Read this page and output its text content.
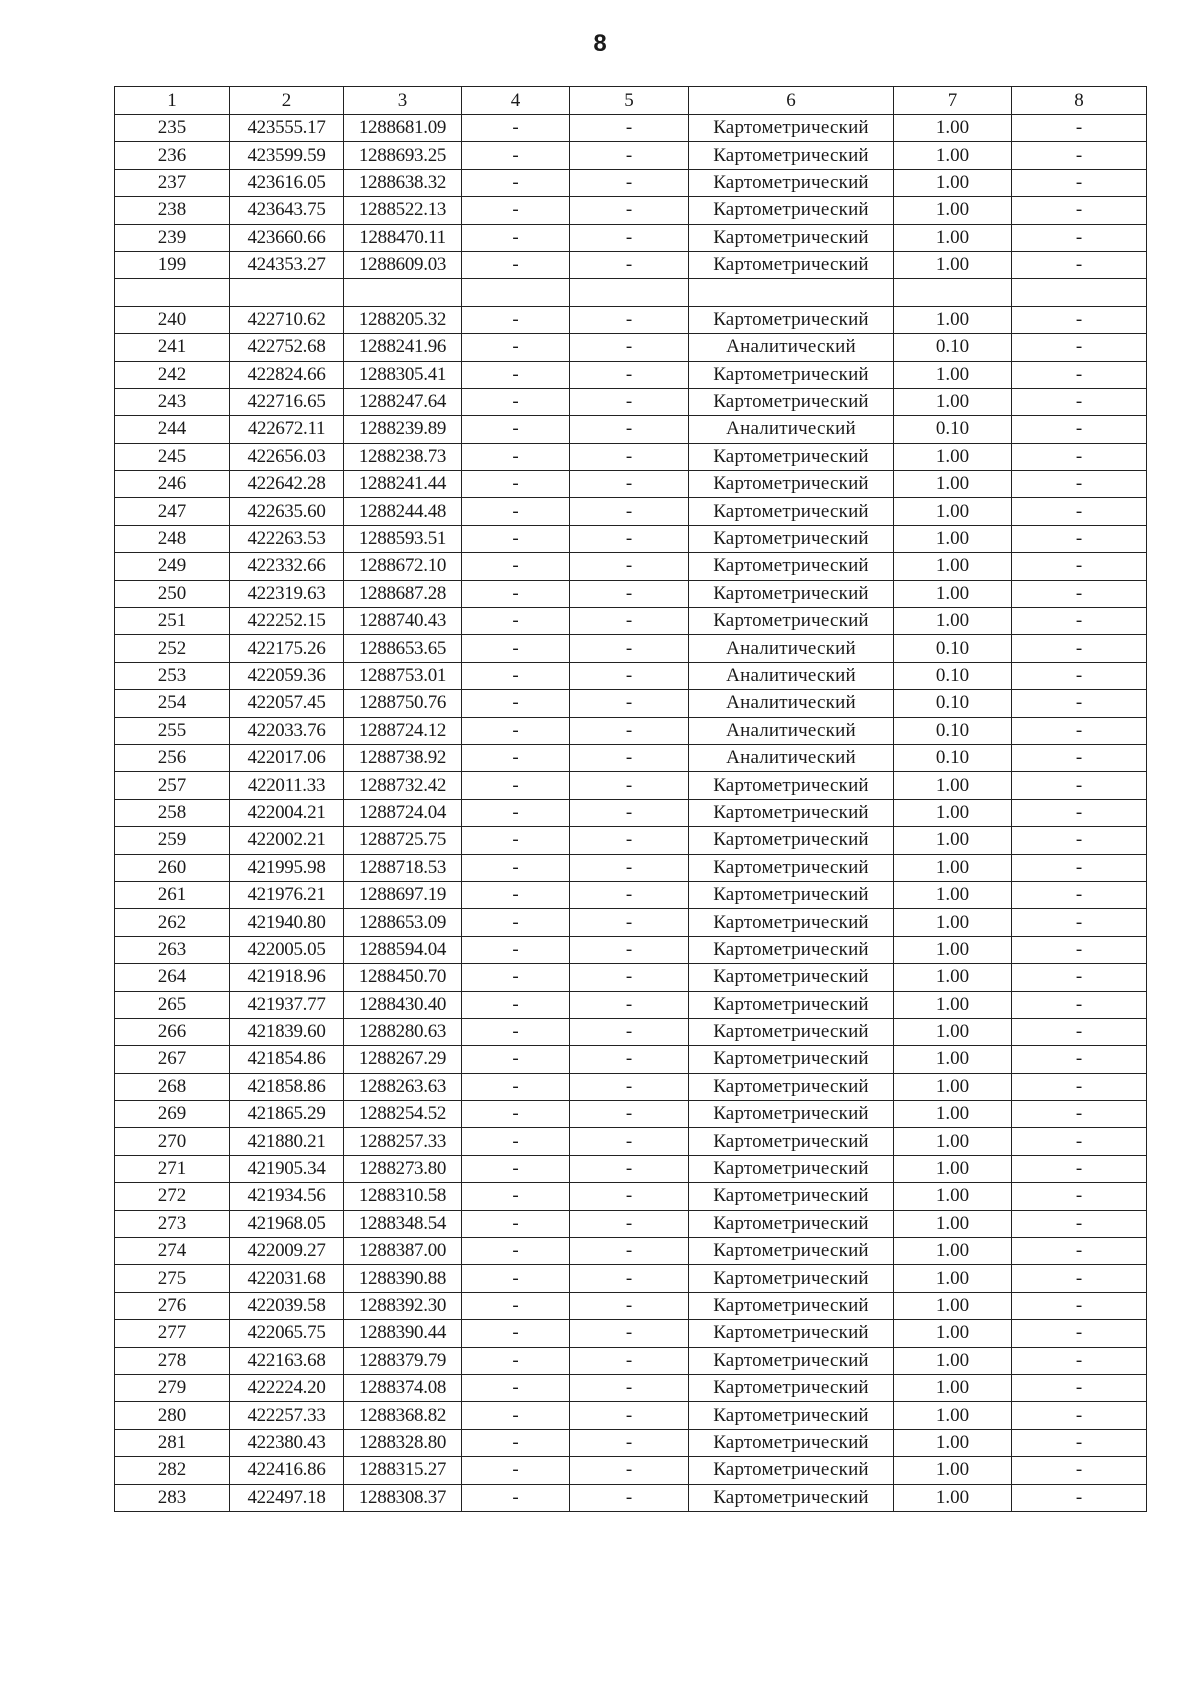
8
1	2	3	4	5	6	7	8
235	423555.17	1288681.09	-	-	Картометрический	1.00	-
236	423599.59	1288693.25	-	-	Картометрический	1.00	-
237	423616.05	1288638.32	-	-	Картометрический	1.00	-
238	423643.75	1288522.13	-	-	Картометрический	1.00	-
239	423660.66	1288470.11	-	-	Картометрический	1.00	-
199	424353.27	1288609.03	-	-	Картометрический	1.00	-

240	422710.62	1288205.32	-	-	Картометрический	1.00	-
241	422752.68	1288241.96	-	-	Аналитический	0.10	-
242	422824.66	1288305.41	-	-	Картометрический	1.00	-
243	422716.65	1288247.64	-	-	Картометрический	1.00	-
244	422672.11	1288239.89	-	-	Аналитический	0.10	-
245	422656.03	1288238.73	-	-	Картометрический	1.00	-
246	422642.28	1288241.44	-	-	Картометрический	1.00	-
247	422635.60	1288244.48	-	-	Картометрический	1.00	-
248	422263.53	1288593.51	-	-	Картометрический	1.00	-
249	422332.66	1288672.10	-	-	Картометрический	1.00	-
250	422319.63	1288687.28	-	-	Картометрический	1.00	-
251	422252.15	1288740.43	-	-	Картометрический	1.00	-
252	422175.26	1288653.65	-	-	Аналитический	0.10	-
253	422059.36	1288753.01	-	-	Аналитический	0.10	-
254	422057.45	1288750.76	-	-	Аналитический	0.10	-
255	422033.76	1288724.12	-	-	Аналитический	0.10	-
256	422017.06	1288738.92	-	-	Аналитический	0.10	-
257	422011.33	1288732.42	-	-	Картометрический	1.00	-
258	422004.21	1288724.04	-	-	Картометрический	1.00	-
259	422002.21	1288725.75	-	-	Картометрический	1.00	-
260	421995.98	1288718.53	-	-	Картометрический	1.00	-
261	421976.21	1288697.19	-	-	Картометрический	1.00	-
262	421940.80	1288653.09	-	-	Картометрический	1.00	-
263	422005.05	1288594.04	-	-	Картометрический	1.00	-
264	421918.96	1288450.70	-	-	Картометрический	1.00	-
265	421937.77	1288430.40	-	-	Картометрический	1.00	-
266	421839.60	1288280.63	-	-	Картометрический	1.00	-
267	421854.86	1288267.29	-	-	Картометрический	1.00	-
268	421858.86	1288263.63	-	-	Картометрический	1.00	-
269	421865.29	1288254.52	-	-	Картометрический	1.00	-
270	421880.21	1288257.33	-	-	Картометрический	1.00	-
271	421905.34	1288273.80	-	-	Картометрический	1.00	-
272	421934.56	1288310.58	-	-	Картометрический	1.00	-
273	421968.05	1288348.54	-	-	Картометрический	1.00	-
274	422009.27	1288387.00	-	-	Картометрический	1.00	-
275	422031.68	1288390.88	-	-	Картометрический	1.00	-
276	422039.58	1288392.30	-	-	Картометрический	1.00	-
277	422065.75	1288390.44	-	-	Картометрический	1.00	-
278	422163.68	1288379.79	-	-	Картометрический	1.00	-
279	422224.20	1288374.08	-	-	Картометрический	1.00	-
280	422257.33	1288368.82	-	-	Картометрический	1.00	-
281	422380.43	1288328.80	-	-	Картометрический	1.00	-
282	422416.86	1288315.27	-	-	Картометрический	1.00	-
283	422497.18	1288308.37	-	-	Картометрический	1.00	-
